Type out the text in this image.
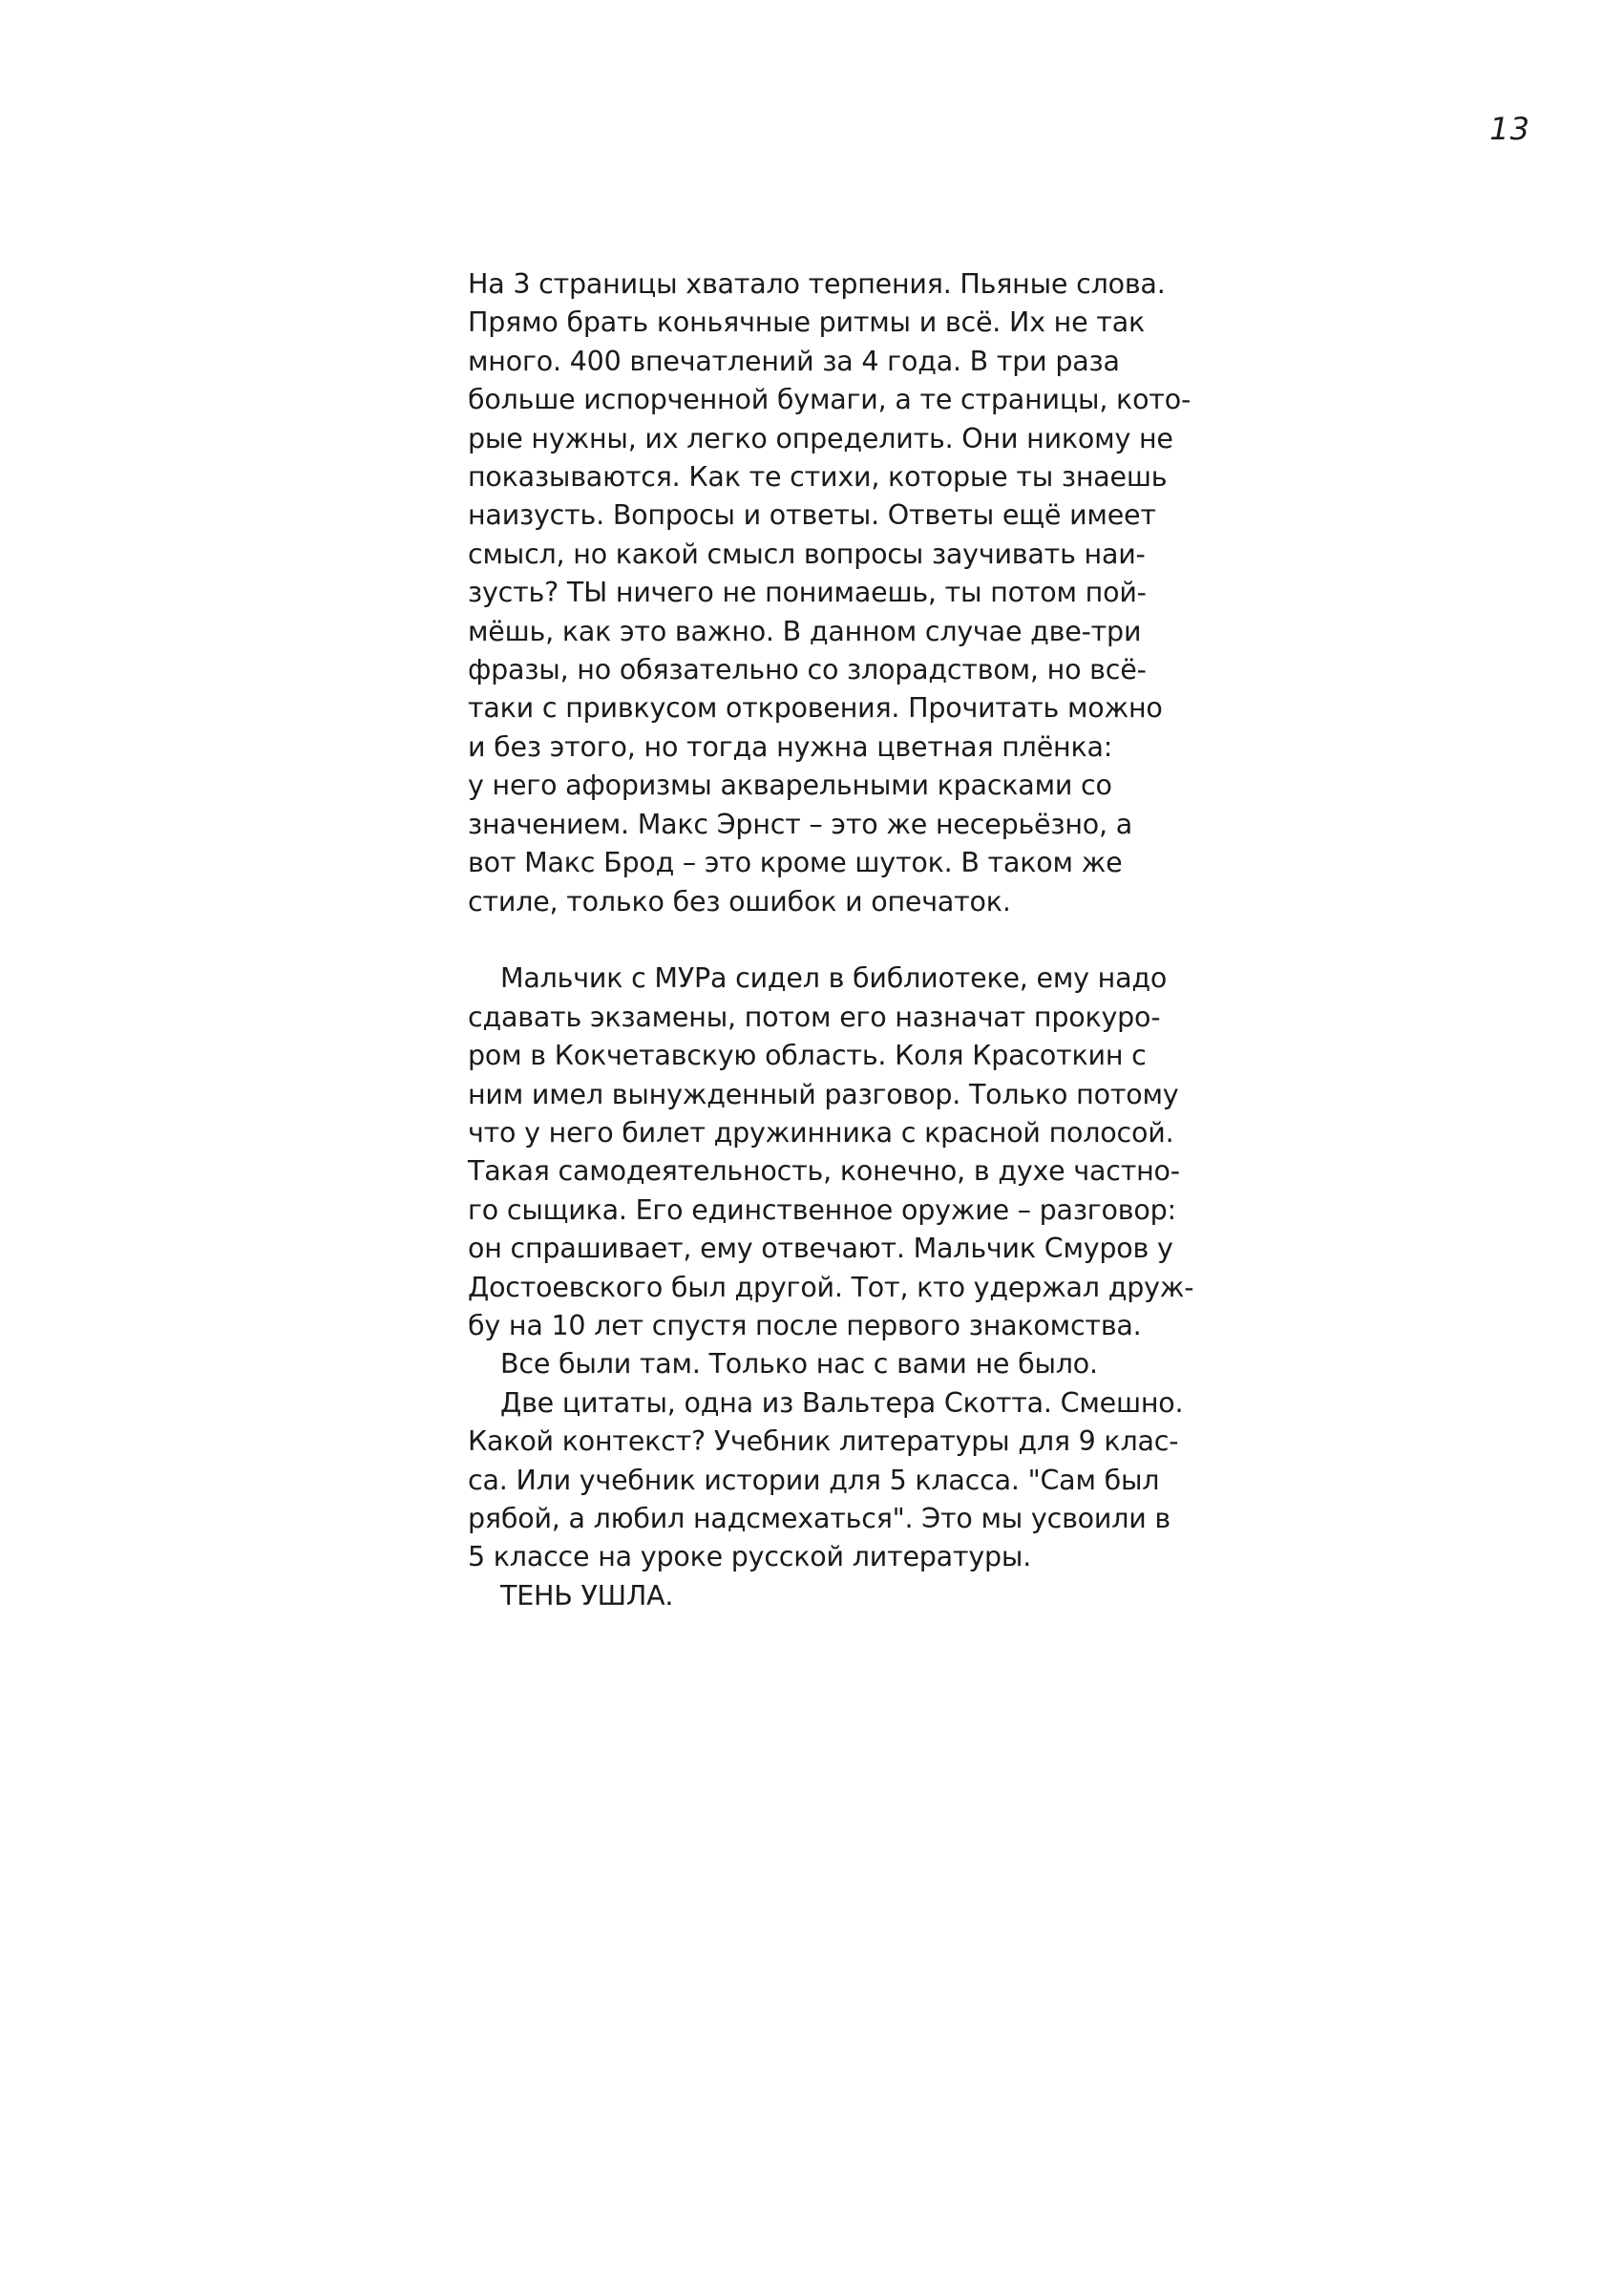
13
На 3 страницы хватало терпения. Пьяные слова.
Прямо брать коньячные ритмы и всё. Их не так
много. 400 впечатлений за 4 года. В три раза
больше испорченной бумаги, а те страницы, кото-
рые нужны, их легко определить. Они никому не
показываются. Как те стихи, которые ты знаешь
наизусть. Вопросы и ответы. Ответы ещё имеет
смысл, но какой смысл вопросы заучивать наи-
зусть? ТЫ ничего не понимаешь, ты потом пой-
мёшь, как это важно. В данном случае две-три
фразы, но обязательно со злорадством, но всё-
таки с привкусом откровения. Прочитать можно
и без этого, но тогда нужна цветная плёнка:
у него афоризмы акварельными красками со
значением. Макс Эрнст – это же несерьёзно, а
вот Макс Брод – это кроме шуток. В таком же
стиле, только без ошибок и опечаток.
Мальчик с МУРа сидел в библиотеке, ему надо
сдавать экзамены, потом его назначат прокуро-
ром в Кокчетавскую область. Коля Красоткин с
ним имел вынужденный разговор. Только потому
что у него билет дружинника с красной полосой.
Такая самодеятельность, конечно, в духе частно-
го сыщика. Его единственное оружие – разговор:
он спрашивает, ему отвечают. Мальчик Смуров у
Достоевского был другой. Тот, кто удержал друж-
бу на 10 лет спустя после первого знакомства.
Все были там. Только нас с вами не было.
Две цитаты, одна из Вальтера Скотта. Смешно.
Какой контекст? Учебник литературы для 9 клас-
са. Или учебник истории для 5 класса. "Сам был
рябой, а любил надсмехаться". Это мы усвоили в
5 классе на уроке русской литературы.
ТЕНЬ УШЛА.
